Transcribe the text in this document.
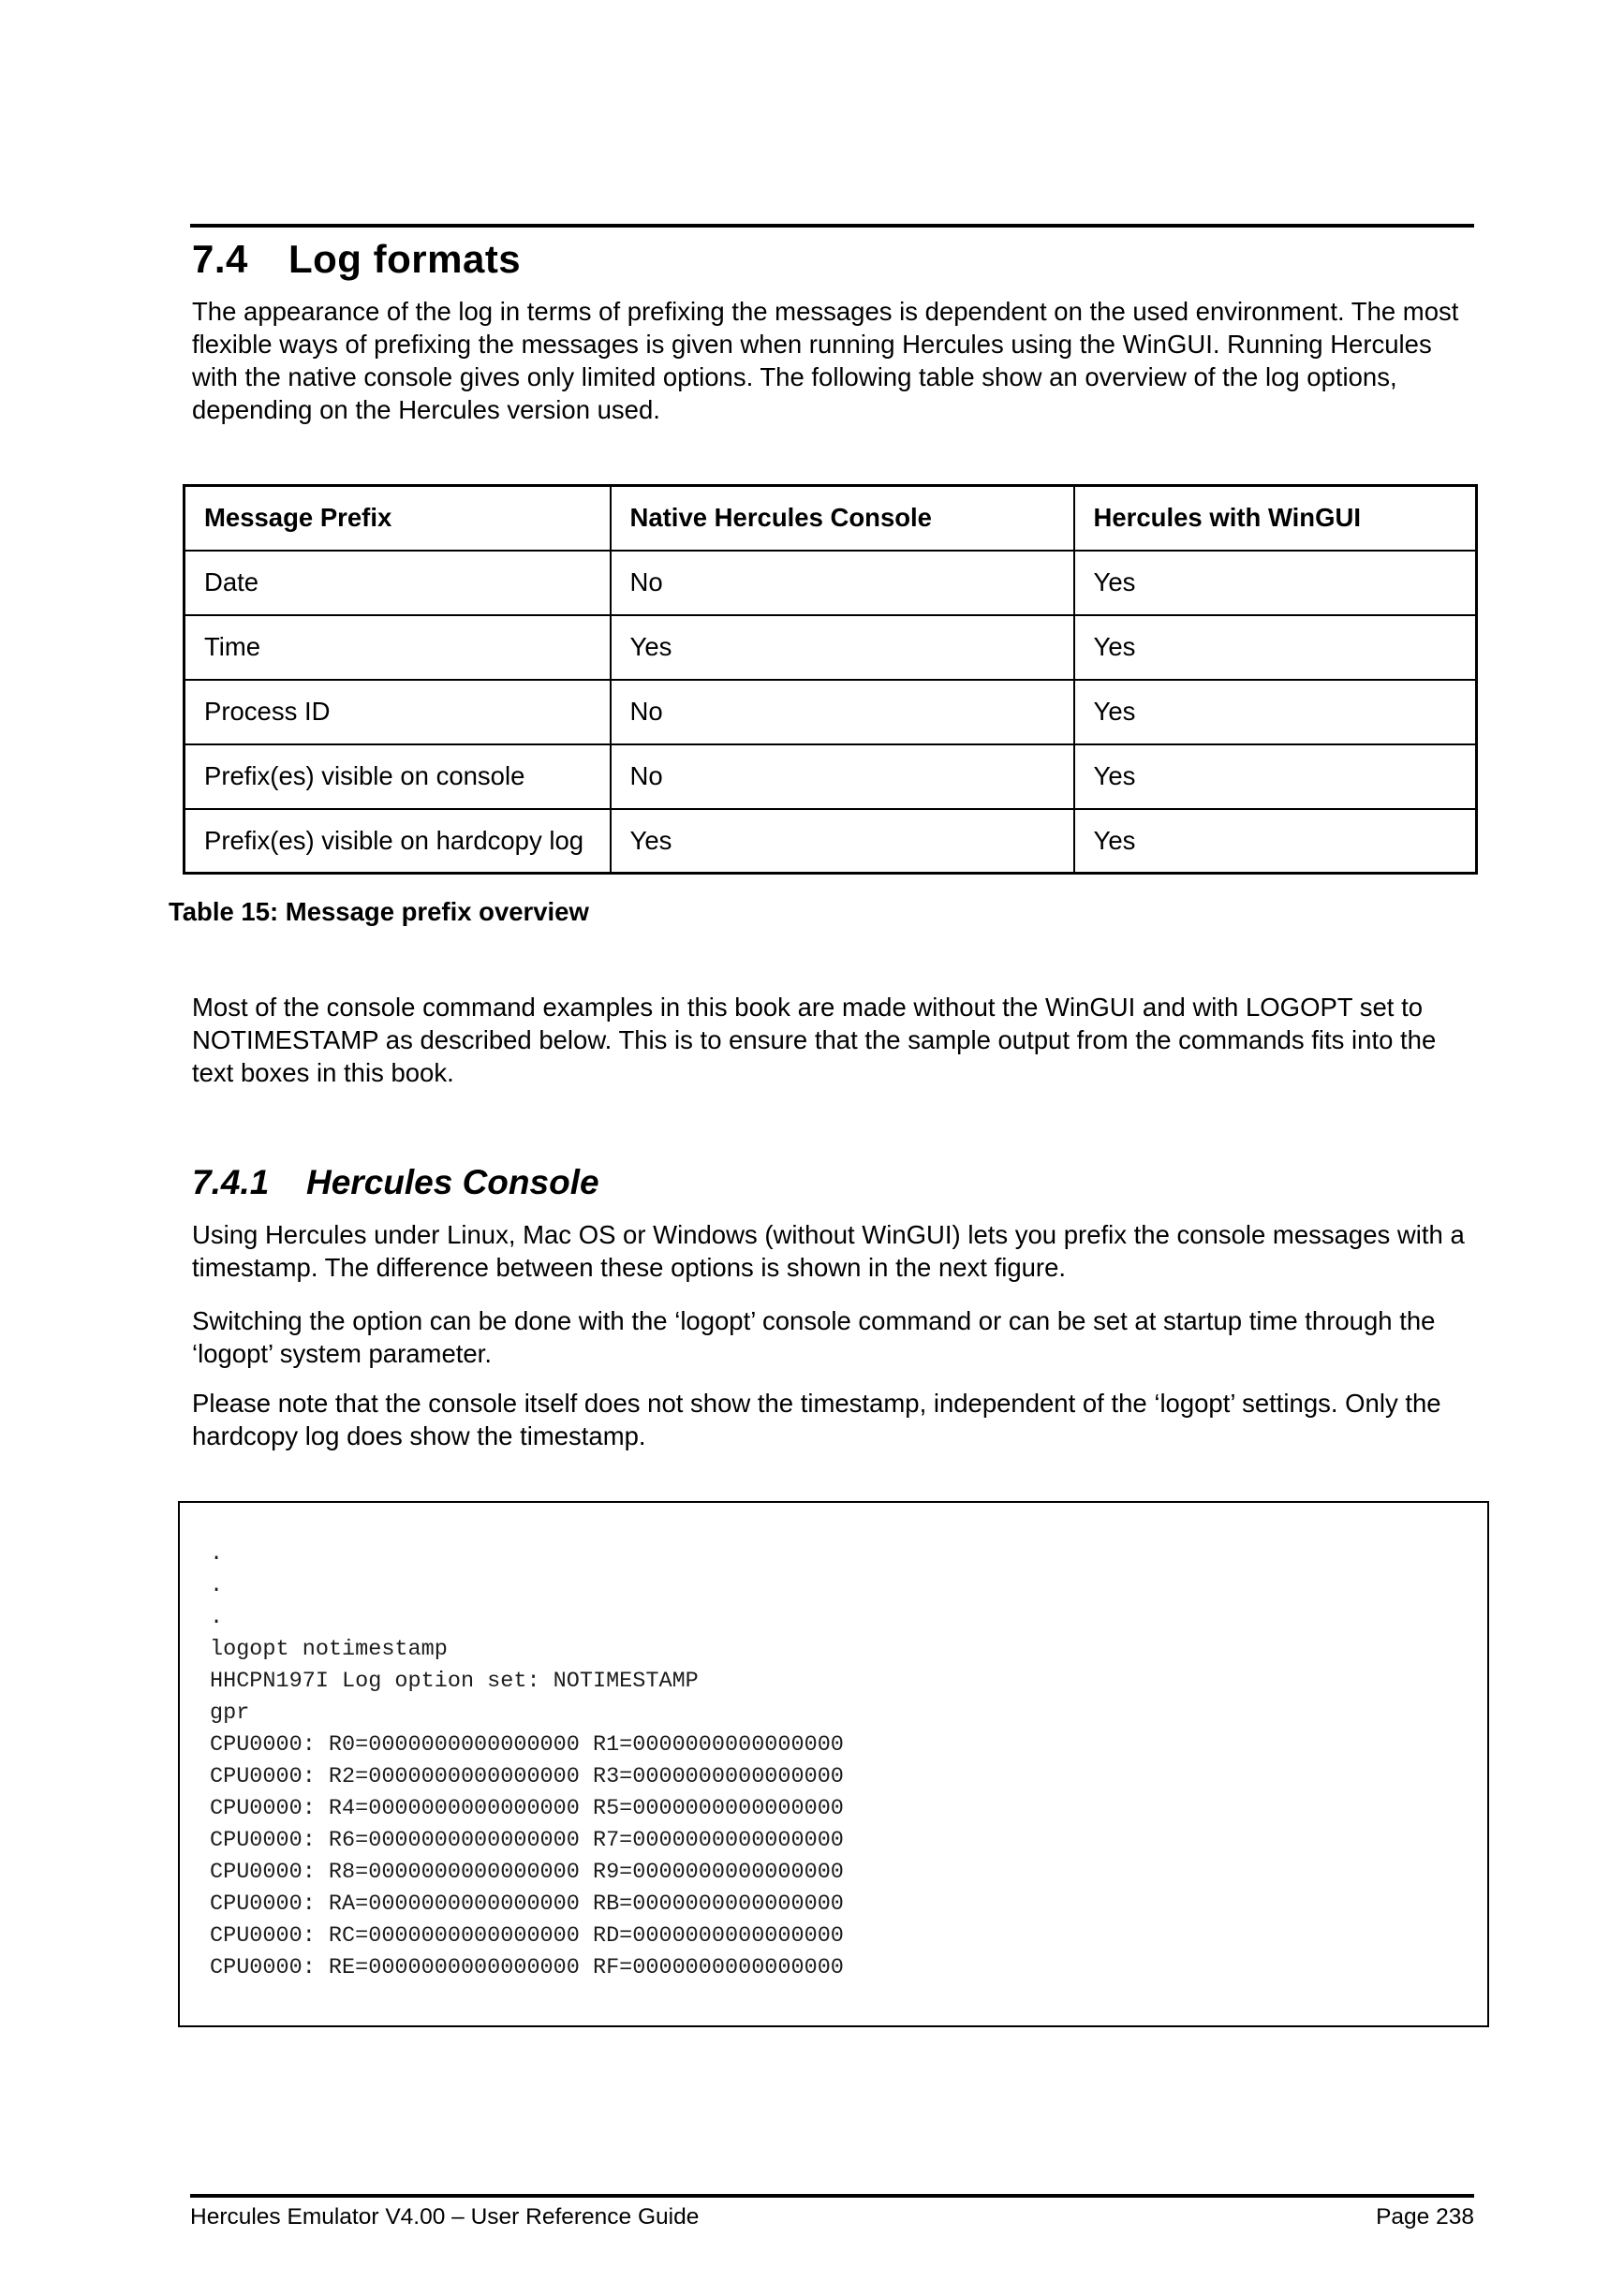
7.4 Log formats

The appearance of the log in terms of prefixing the messages is dependent on the used environment. The most flexible ways of prefixing the messages is given when running Hercules using the WinGUI. Running Hercules with the native console gives only limited options. The following table show an overview of the log options, depending on the Hercules version used.

Message Prefix	Native Hercules Console	Hercules with WinGUI
Date	No	Yes
Time	Yes	Yes
Process ID	No	Yes
Prefix(es) visible on console	No	Yes
Prefix(es) visible on hardcopy log	Yes	Yes
Table 15: Message prefix overview

Most of the console command examples in this book are made without the WinGUI and with LOGOPT set to NOTIMESTAMP as described below. This is to ensure that the sample output from the commands fits into the text boxes in this book.

7.4.1 Hercules Console

Using Hercules under Linux, Mac OS or Windows (without WinGUI) lets you prefix the console messages with a timestamp. The difference between these options is shown in the next figure.

Switching the option can be done with the ‘logopt’ console command or can be set at startup time through the ‘logopt’ system parameter.

Please note that the console itself does not show the timestamp, independent of the ‘logopt’ settings. Only the hardcopy log does show the timestamp.

.
.
.
logopt notimestamp
HHCPN197I Log option set: NOTIMESTAMP
gpr
CPU0000: R0=0000000000000000 R1=0000000000000000
CPU0000: R2=0000000000000000 R3=0000000000000000
CPU0000: R4=0000000000000000 R5=0000000000000000
CPU0000: R6=0000000000000000 R7=0000000000000000
CPU0000: R8=0000000000000000 R9=0000000000000000
CPU0000: RA=0000000000000000 RB=0000000000000000
CPU0000: RC=0000000000000000 RD=0000000000000000
CPU0000: RE=0000000000000000 RF=0000000000000000
Hercules Emulator V4.00 – User Reference Guide	Page 238
